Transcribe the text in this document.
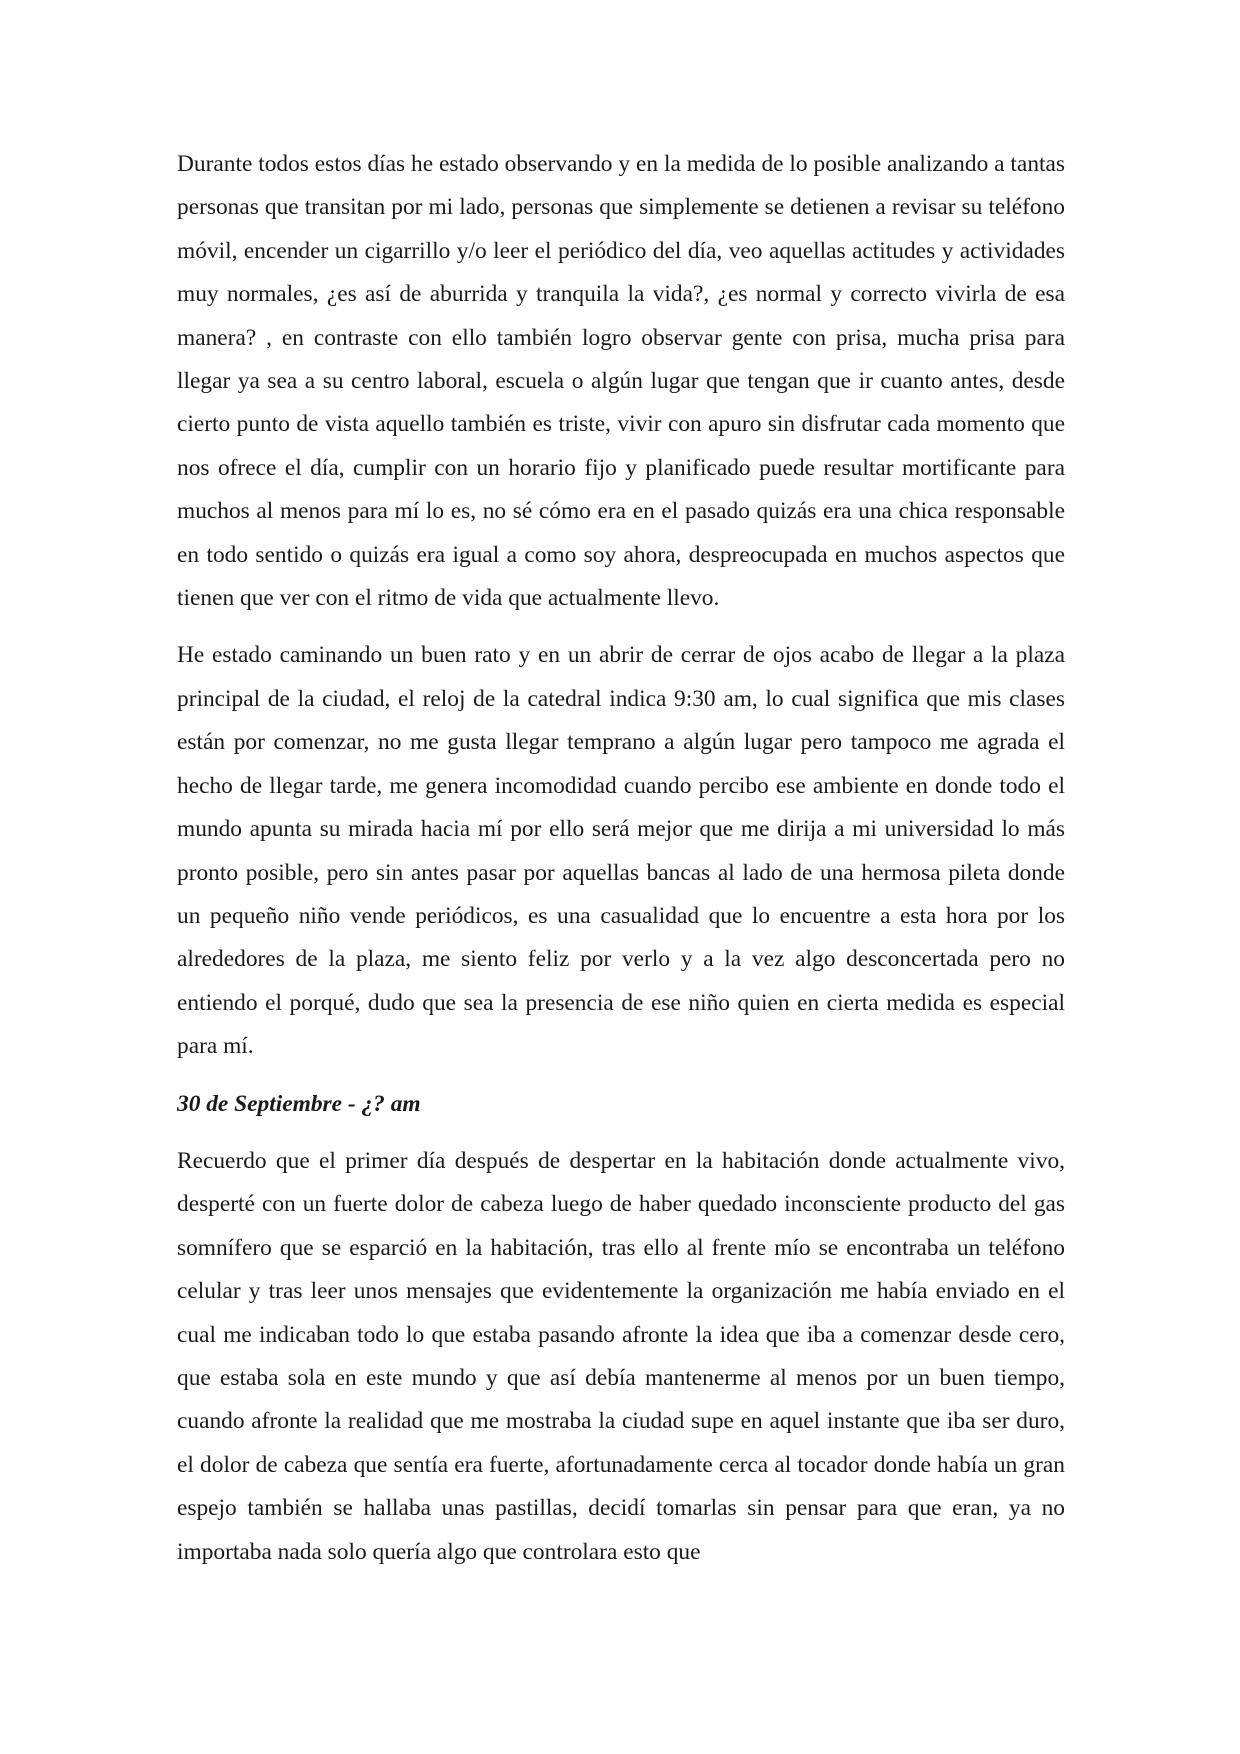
Durante todos estos días he estado observando y en la medida de lo posible analizando a tantas personas que transitan por mi lado, personas que simplemente se detienen a revisar su teléfono móvil, encender un cigarrillo y/o leer el periódico del día, veo aquellas actitudes y actividades muy normales, ¿es así de aburrida y tranquila la vida?, ¿es normal y correcto vivirla de esa manera? , en contraste con ello también logro observar gente con prisa, mucha prisa para llegar ya sea a su centro laboral, escuela o algún lugar que tengan que ir cuanto antes, desde cierto punto de vista aquello también es triste, vivir con apuro sin disfrutar cada momento que nos ofrece el día, cumplir con un horario fijo y planificado puede resultar mortificante para muchos al menos para mí lo es, no sé cómo era en el pasado quizás era una chica responsable en todo sentido o quizás era igual a como soy ahora, despreocupada en muchos aspectos que tienen que ver con el ritmo de vida que actualmente llevo.

He estado caminando un buen rato y en un abrir de cerrar de ojos acabo de llegar a la plaza principal de la ciudad, el reloj de la catedral indica 9:30 am, lo cual significa que mis clases están por comenzar, no me gusta llegar temprano a algún lugar pero tampoco me agrada el hecho de llegar tarde, me genera incomodidad cuando percibo ese ambiente en donde todo el mundo apunta su mirada hacia mí por ello será mejor que me dirija a mi universidad lo más pronto posible, pero sin antes pasar por aquellas bancas al lado de una hermosa pileta donde un pequeño niño vende periódicos, es una casualidad que lo encuentre a esta hora por los alrededores de la plaza, me siento feliz por verlo y a la vez algo desconcertada pero no entiendo el porqué, dudo que sea la presencia de ese niño quien en cierta medida es especial para mí.

30 de Septiembre - ¿? am

Recuerdo que el primer día después de despertar en la habitación donde actualmente vivo, desperté con un fuerte dolor de cabeza luego de haber quedado inconsciente producto del gas somnífero que se esparció en la habitación, tras ello al frente mío se encontraba un teléfono celular y tras leer unos mensajes que evidentemente la organización me había enviado en el cual me indicaban todo lo que estaba pasando afronte la idea que iba a comenzar desde cero, que estaba sola en este mundo y que así debía mantenerme al menos por un buen tiempo, cuando afronte la realidad que me mostraba la ciudad supe en aquel instante que iba ser duro, el dolor de cabeza que sentía era fuerte, afortunadamente cerca al tocador donde había un gran espejo también se hallaba unas pastillas, decidí tomarlas sin pensar para que eran, ya no importaba nada solo quería algo que controlara esto que
